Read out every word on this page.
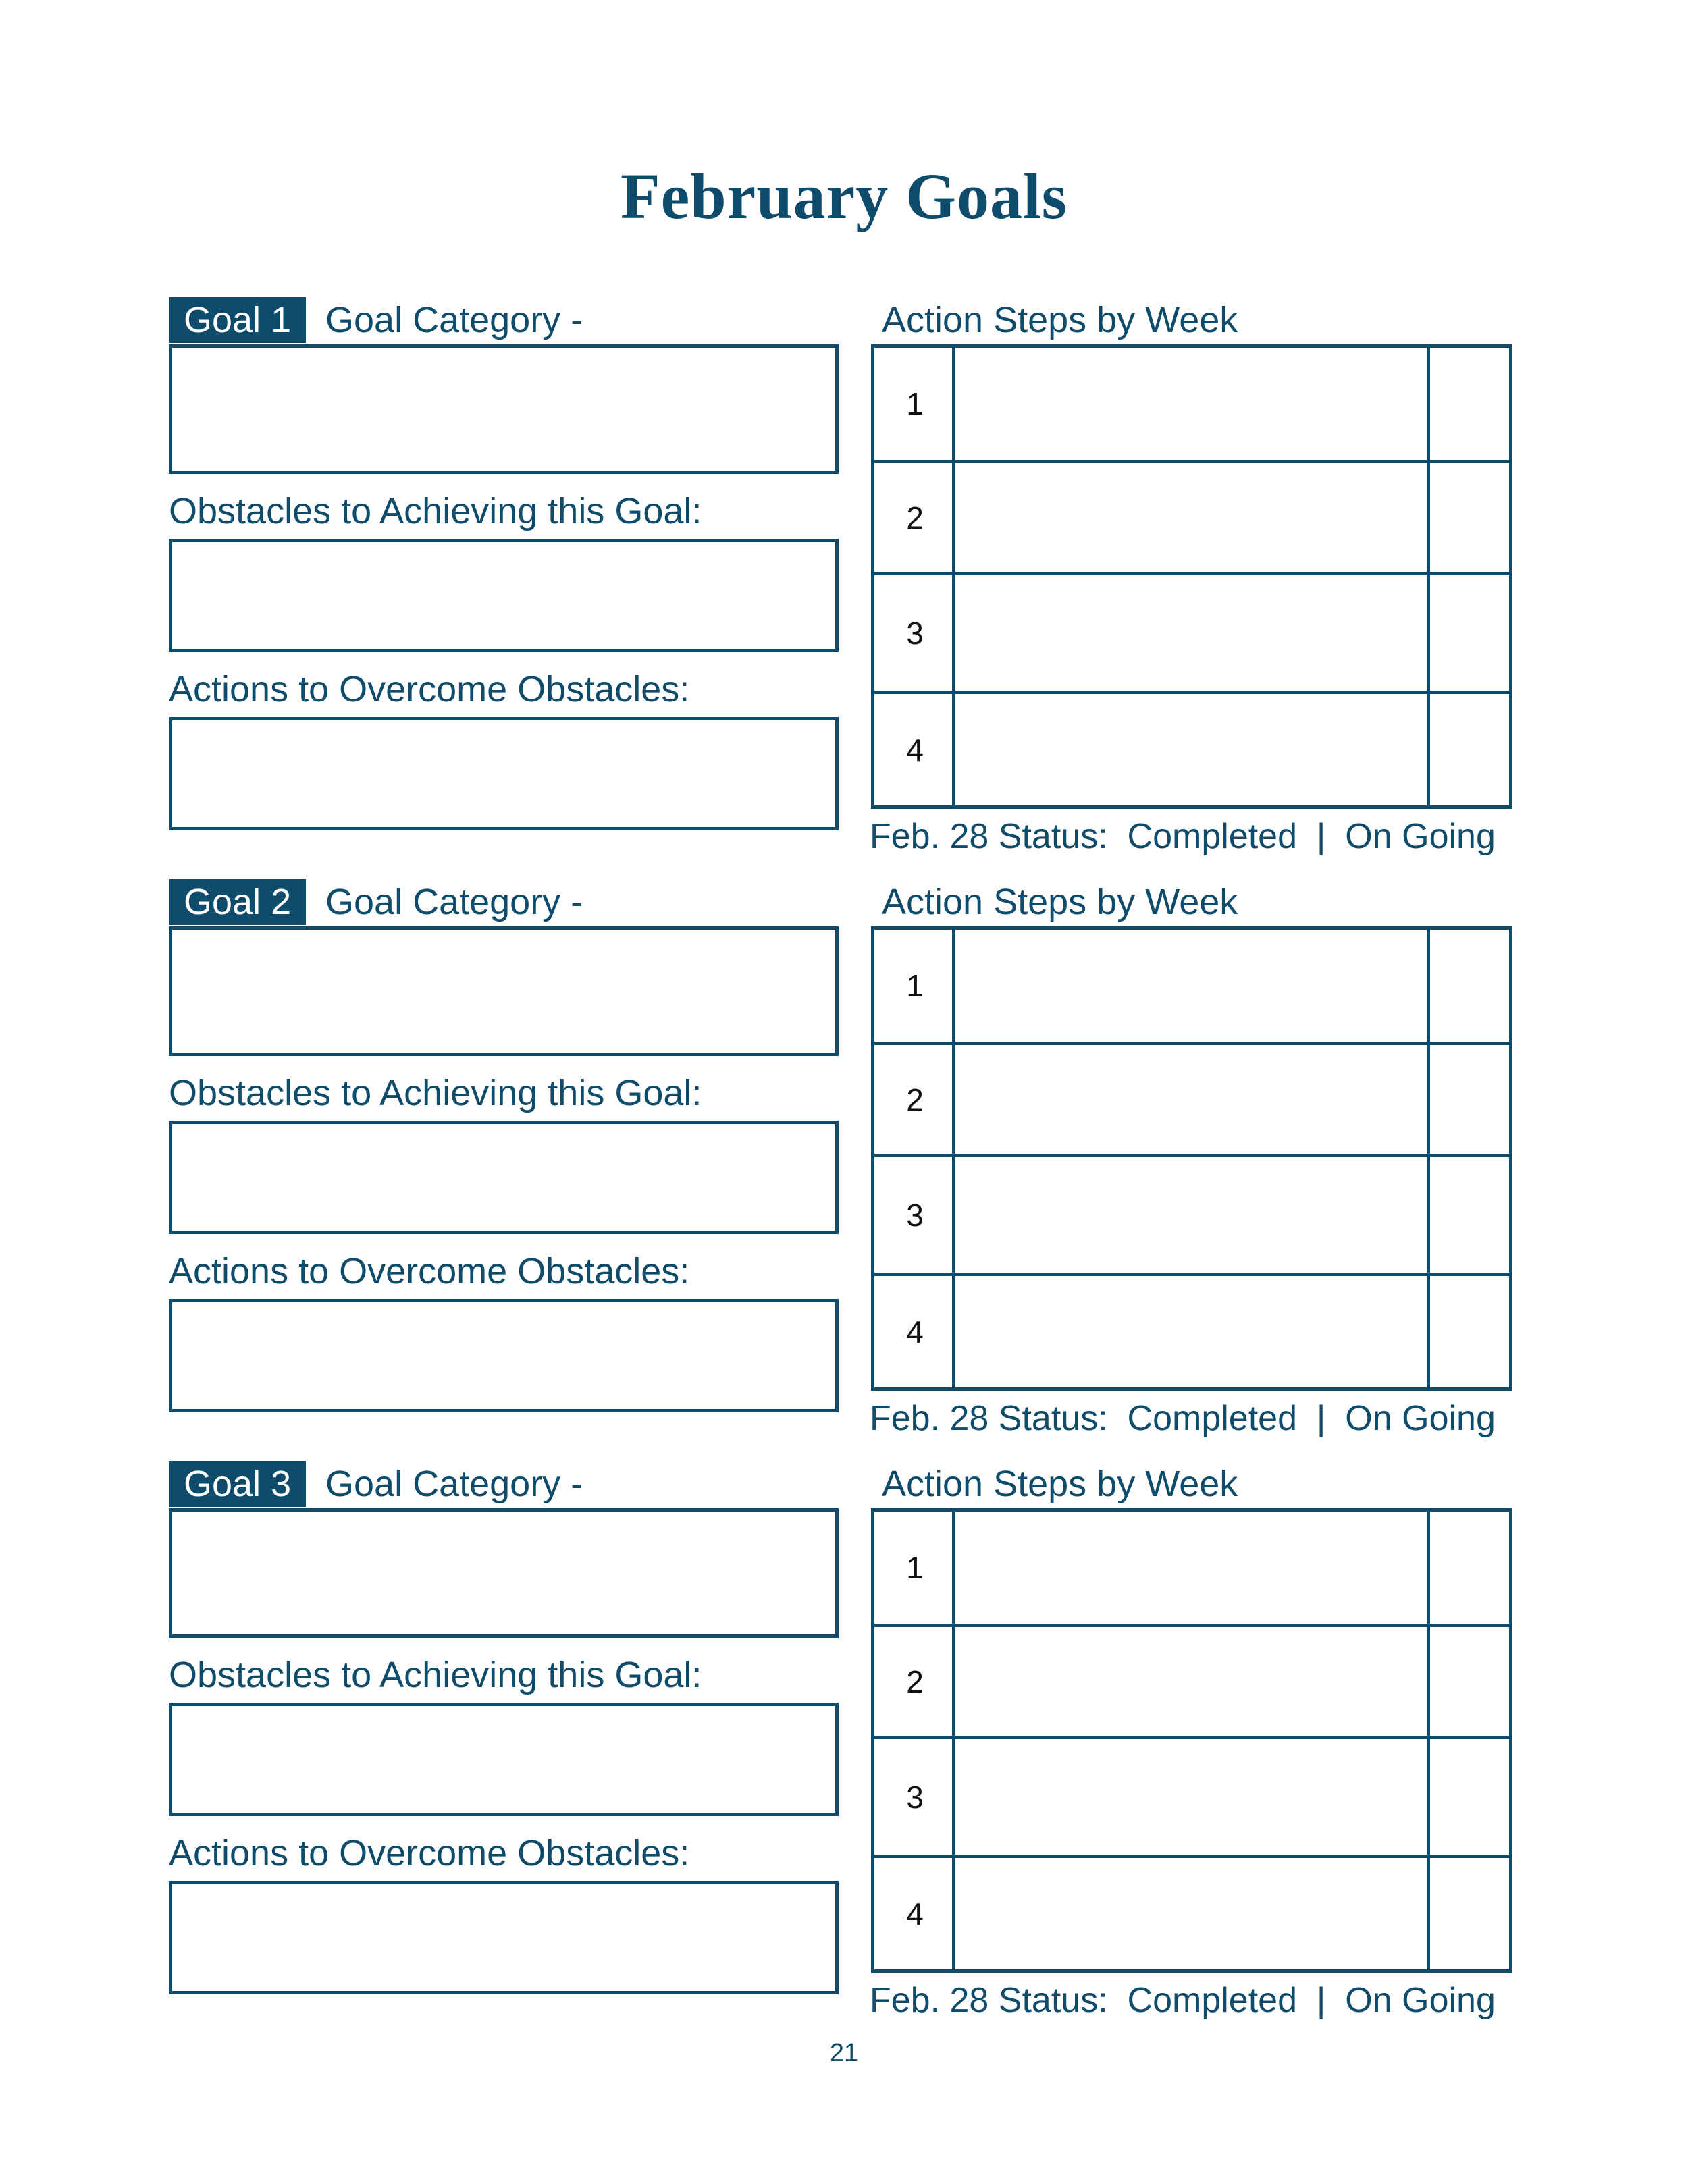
February Goals
Goal 1 Goal Category -
Obstacles to Achieving this Goal:
Actions to Overcome Obstacles:
Action Steps by Week
1
2
3
4
Feb. 28 Status:  Completed  |  On Going
Goal 2 Goal Category -
Obstacles to Achieving this Goal:
Actions to Overcome Obstacles:
Action Steps by Week
1
2
3
4
Feb. 28 Status:  Completed  |  On Going
Goal 3 Goal Category -
Obstacles to Achieving this Goal:
Actions to Overcome Obstacles:
Action Steps by Week
1
2
3
4
Feb. 28 Status:  Completed  |  On Going
21
